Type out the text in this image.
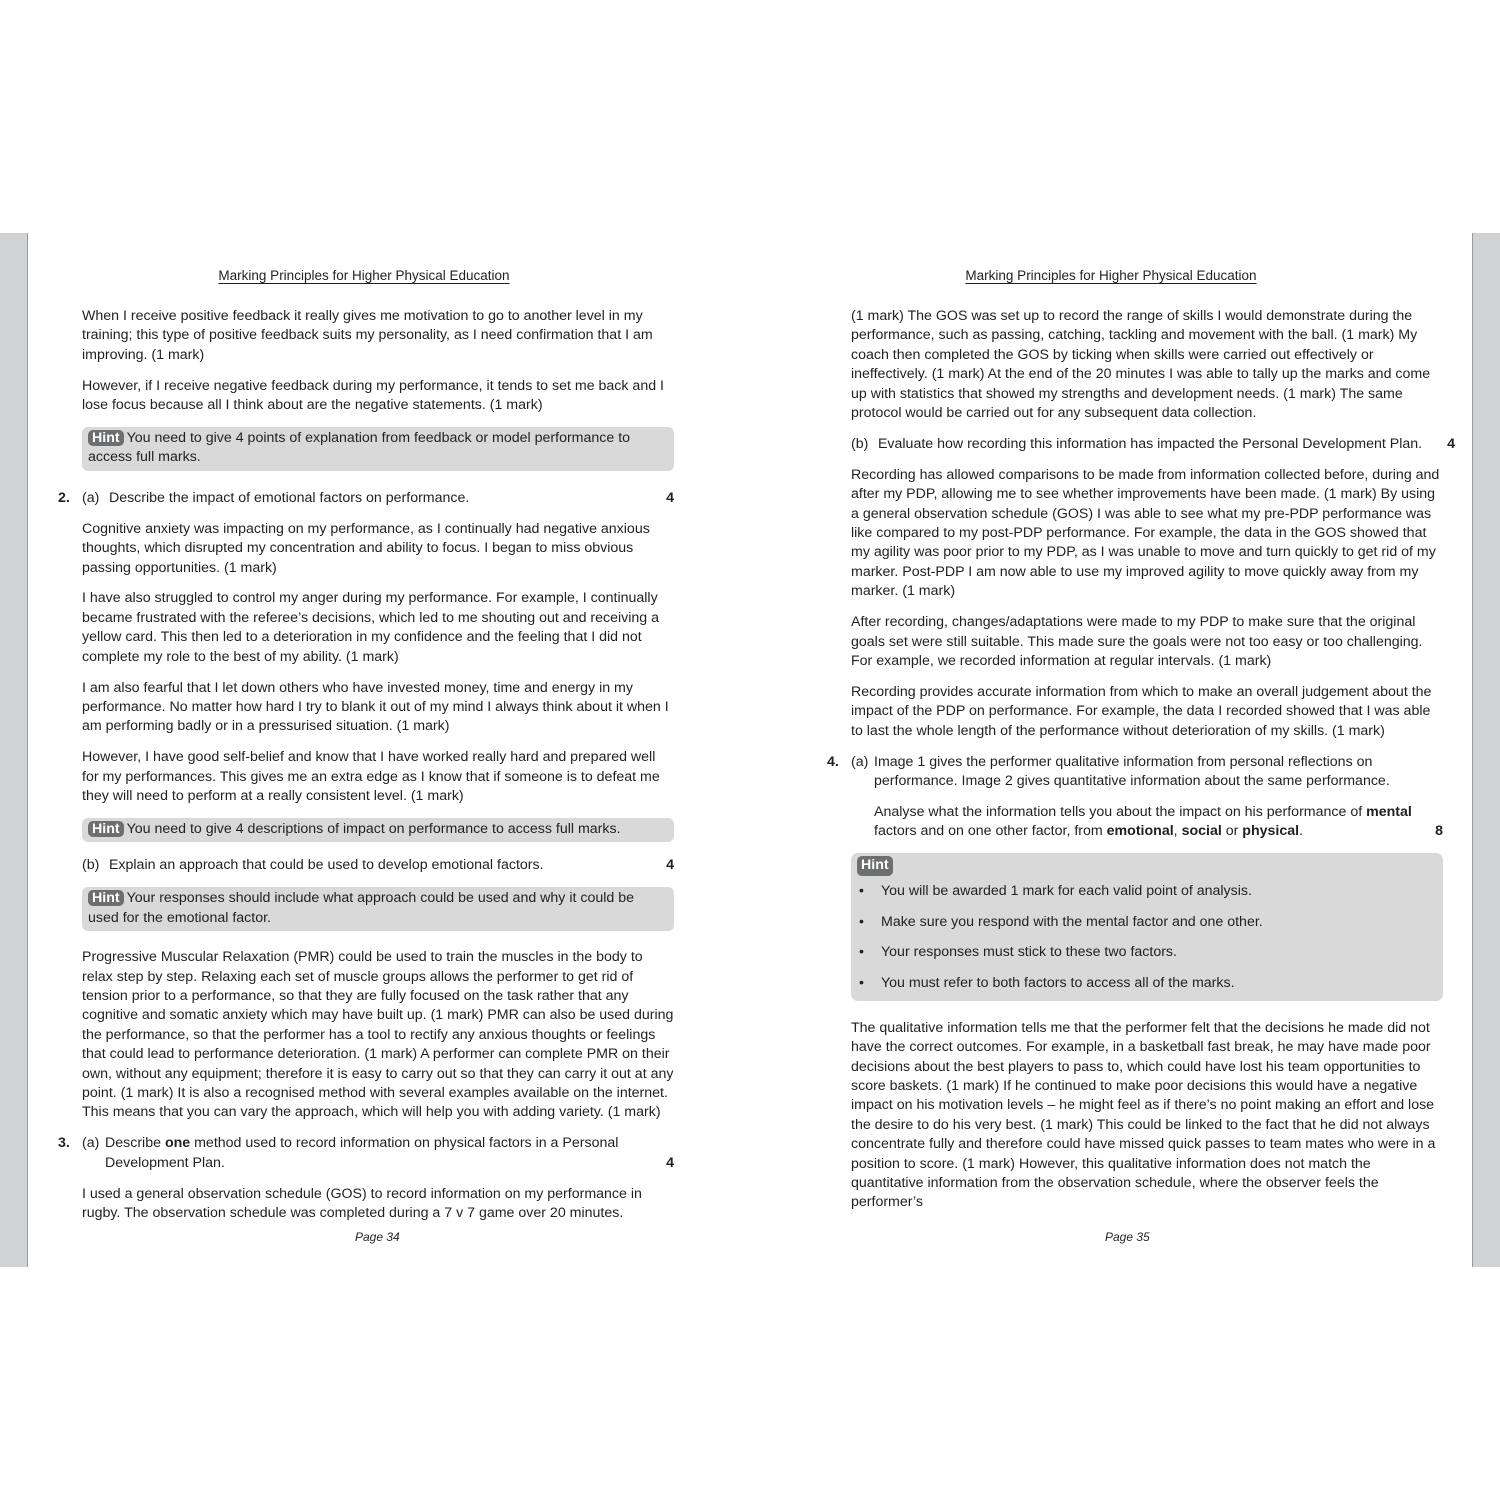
Marking Principles for Higher Physical Education

When I receive positive feedback it really gives me motivation to go to another level in my training; this type of positive feedback suits my personality, as I need confirmation that I am improving. (1 mark)

However, if I receive negative feedback during my performance, it tends to set me back and I lose focus because all I think about are the negative statements. (1 mark)

Hint You need to give 4 points of explanation from feedback or model performance to access full marks.
2. (a) Describe the impact of emotional factors on performance.	4

Cognitive anxiety was impacting on my performance, as I continually had negative anxious thoughts, which disrupted my concentration and ability to focus. I began to miss obvious passing opportunities. (1 mark)

I have also struggled to control my anger during my performance. For example, I continually became frustrated with the referee’s decisions, which led to me shouting out and receiving a yellow card. This then led to a deterioration in my confidence and the feeling that I did not complete my role to the best of my ability. (1 mark)

I am also fearful that I let down others who have invested money, time and energy in my performance. No matter how hard I try to blank it out of my mind I always think about it when I am performing badly or in a pressurised situation. (1 mark)

However, I have good self-belief and know that I have worked really hard and prepared well for my performances. This gives me an extra edge as I know that if someone is to defeat me they will need to perform at a really consistent level. (1 mark)

Hint You need to give 4 descriptions of impact on performance to access full marks.
(b) Explain an approach that could be used to develop emotional factors.	4
Hint Your responses should include what approach could be used and why it could be used for the emotional factor.

Progressive Muscular Relaxation (PMR) could be used to train the muscles in the body to relax step by step. Relaxing each set of muscle groups allows the performer to get rid of tension prior to a performance, so that they are fully focused on the task rather that any cognitive and somatic anxiety which may have built up. (1 mark) PMR can also be used during the performance, so that the performer has a tool to rectify any anxious thoughts or feelings that could lead to performance deterioration. (1 mark) A performer can complete PMR on their own, without any equipment; therefore it is easy to carry out so that they can carry it out at any point. (1 mark) It is also a recognised method with several examples available on the internet. This means that you can vary the approach, which will help you with adding variety. (1 mark)

3. (a) Describe one method used to record information on physical factors in a Personal Development Plan.	4

I used a general observation schedule (GOS) to record information on my performance in rugby. The observation schedule was completed during a 7 v 7 game over 20 minutes.

Page 34
Marking Principles for Higher Physical Education

(1 mark) The GOS was set up to record the range of skills I would demonstrate during the performance, such as passing, catching, tackling and movement with the ball. (1 mark) My coach then completed the GOS by ticking when skills were carried out effectively or ineffectively. (1 mark) At the end of the 20 minutes I was able to tally up the marks and come up with statistics that showed my strengths and development needs. (1 mark) The same protocol would be carried out for any subsequent data collection.

(b) Evaluate how recording this information has impacted the Personal Development Plan. 4

Recording has allowed comparisons to be made from information collected before, during and after my PDP, allowing me to see whether improvements have been made. (1 mark) By using a general observation schedule (GOS) I was able to see what my pre-PDP performance was like compared to my post-PDP performance. For example, the data in the GOS showed that my agility was poor prior to my PDP, as I was unable to move and turn quickly to get rid of my marker. Post-PDP I am now able to use my improved agility to move quickly away from my marker. (1 mark)

After recording, changes/adaptations were made to my PDP to make sure that the original goals set were still suitable. This made sure the goals were not too easy or too challenging. For example, we recorded information at regular intervals. (1 mark)

Recording provides accurate information from which to make an overall judgement about the impact of the PDP on performance. For example, the data I recorded showed that I was able to last the whole length of the performance without deterioration of my skills. (1 mark)

4. (a) Image 1 gives the performer qualitative information from personal reflections on performance. Image 2 gives quantitative information about the same performance.
Analyse what the information tells you about the impact on his performance of mental factors and on one other factor, from emotional, social or physical.	8
Hint
• You will be awarded 1 mark for each valid point of analysis.
• Make sure you respond with the mental factor and one other.
• Your responses must stick to these two factors.
• You must refer to both factors to access all of the marks.

The qualitative information tells me that the performer felt that the decisions he made did not have the correct outcomes. For example, in a basketball fast break, he may have made poor decisions about the best players to pass to, which could have lost his team opportunities to score baskets. (1 mark) If he continued to make poor decisions this would have a negative impact on his motivation levels – he might feel as if there’s no point making an effort and lose the desire to do his very best. (1 mark) This could be linked to the fact that he did not always concentrate fully and therefore could have missed quick passes to team mates who were in a position to score. (1 mark) However, this qualitative information does not match the quantitative information from the observation schedule, where the observer feels the performer’s

Page 35
